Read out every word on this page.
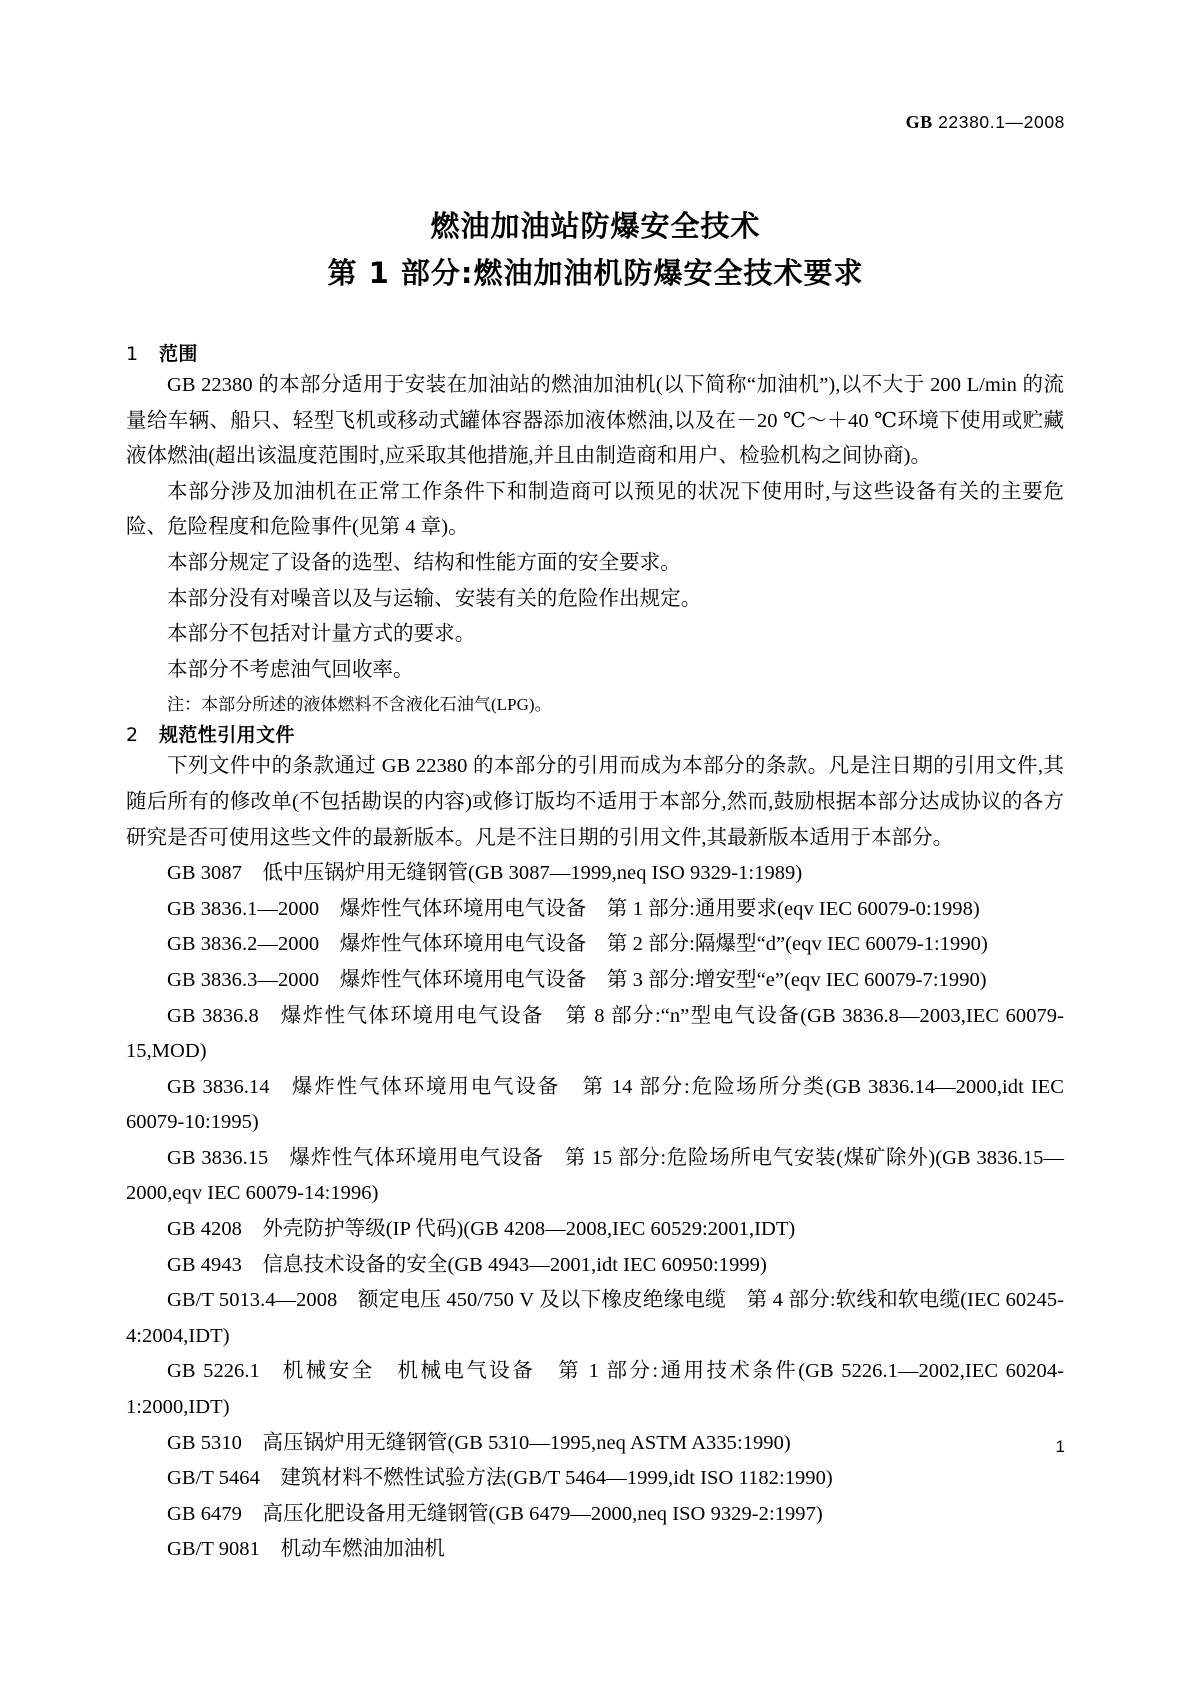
GB 22380.1—2008
燃油加油站防爆安全技术
第 1 部分:燃油加油机防爆安全技术要求
1 范围

GB 22380 的本部分适用于安装在加油站的燃油加油机(以下简称“加油机”),以不大于 200 L/min 的流量给车辆、船只、轻型飞机或移动式罐体容器添加液体燃油,以及在－20 ℃～＋40 ℃环境下使用或贮藏液体燃油(超出该温度范围时,应采取其他措施,并且由制造商和用户、检验机构之间协商)。

本部分涉及加油机在正常工作条件下和制造商可以预见的状况下使用时,与这些设备有关的主要危险、危险程度和危险事件(见第 4 章)。

本部分规定了设备的选型、结构和性能方面的安全要求。

本部分没有对噪音以及与运输、安装有关的危险作出规定。

本部分不包括对计量方式的要求。

本部分不考虑油气回收率。

注：本部分所述的液体燃料不含液化石油气(LPG)。

2 规范性引用文件

下列文件中的条款通过 GB 22380 的本部分的引用而成为本部分的条款。凡是注日期的引用文件,其随后所有的修改单(不包括勘误的内容)或修订版均不适用于本部分,然而,鼓励根据本部分达成协议的各方研究是否可使用这些文件的最新版本。凡是不注日期的引用文件,其最新版本适用于本部分。

GB 3087 低中压锅炉用无缝钢管(GB 3087—1999,neq ISO 9329-1:1989)

GB 3836.1—2000 爆炸性气体环境用电气设备 第 1 部分:通用要求(eqv IEC 60079-0:1998)

GB 3836.2—2000 爆炸性气体环境用电气设备 第 2 部分:隔爆型“d”(eqv IEC 60079-1:1990)

GB 3836.3—2000 爆炸性气体环境用电气设备 第 3 部分:增安型“e”(eqv IEC 60079-7:1990)

GB 3836.8 爆炸性气体环境用电气设备 第 8 部分:“n”型电气设备(GB 3836.8—2003,IEC 60079-15,MOD)

GB 3836.14 爆炸性气体环境用电气设备 第 14 部分:危险场所分类(GB 3836.14—2000,idt IEC 60079-10:1995)

GB 3836.15 爆炸性气体环境用电气设备 第 15 部分:危险场所电气安装(煤矿除外)(GB 3836.15—2000,eqv IEC 60079-14:1996)

GB 4208 外壳防护等级(IP 代码)(GB 4208—2008,IEC 60529:2001,IDT)

GB 4943 信息技术设备的安全(GB 4943—2001,idt IEC 60950:1999)

GB/T 5013.4—2008 额定电压 450/750 V 及以下橡皮绝缘电缆 第 4 部分:软线和软电缆(IEC 60245-4:2004,IDT)

GB 5226.1 机械安全 机械电气设备 第 1 部分:通用技术条件(GB 5226.1—2002,IEC 60204-1:2000,IDT)

GB 5310 高压锅炉用无缝钢管(GB 5310—1995,neq ASTM A335:1990)

GB/T 5464 建筑材料不燃性试验方法(GB/T 5464—1999,idt ISO 1182:1990)

GB 6479 高压化肥设备用无缝钢管(GB 6479—2000,neq ISO 9329-2:1997)

GB/T 9081 机动车燃油加油机

1
